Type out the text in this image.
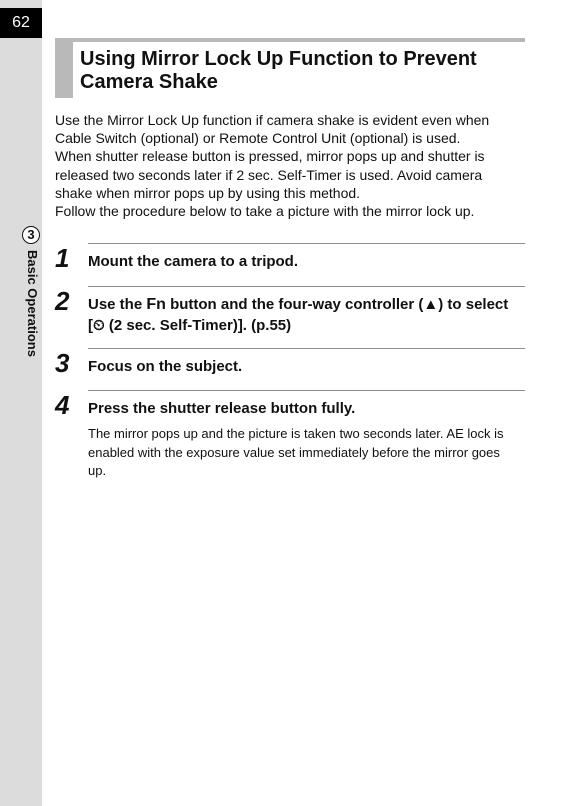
62
3
Basic Operations
Using Mirror Lock Up Function to Prevent Camera Shake

Use the Mirror Lock Up function if camera shake is evident even when

Cable Switch (optional) or Remote Control Unit (optional) is used.

When shutter release button is pressed, mirror pops up and shutter is

released two seconds later if 2 sec. Self-Timer is used. Avoid camera

shake when mirror pops up by using this method.

Follow the procedure below to take a picture with the mirror lock up.

1 Mount the camera to a tripod.
2 Use the Fn button and the four-way controller (▲) to select
[⏲ (2 sec. Self-Timer)]. (p.55)
3 Focus on the subject.
4 Press the shutter release button fully.
The mirror pops up and the picture is taken two seconds later. AE lock is
enabled with the exposure value set immediately before the mirror goes
up.
